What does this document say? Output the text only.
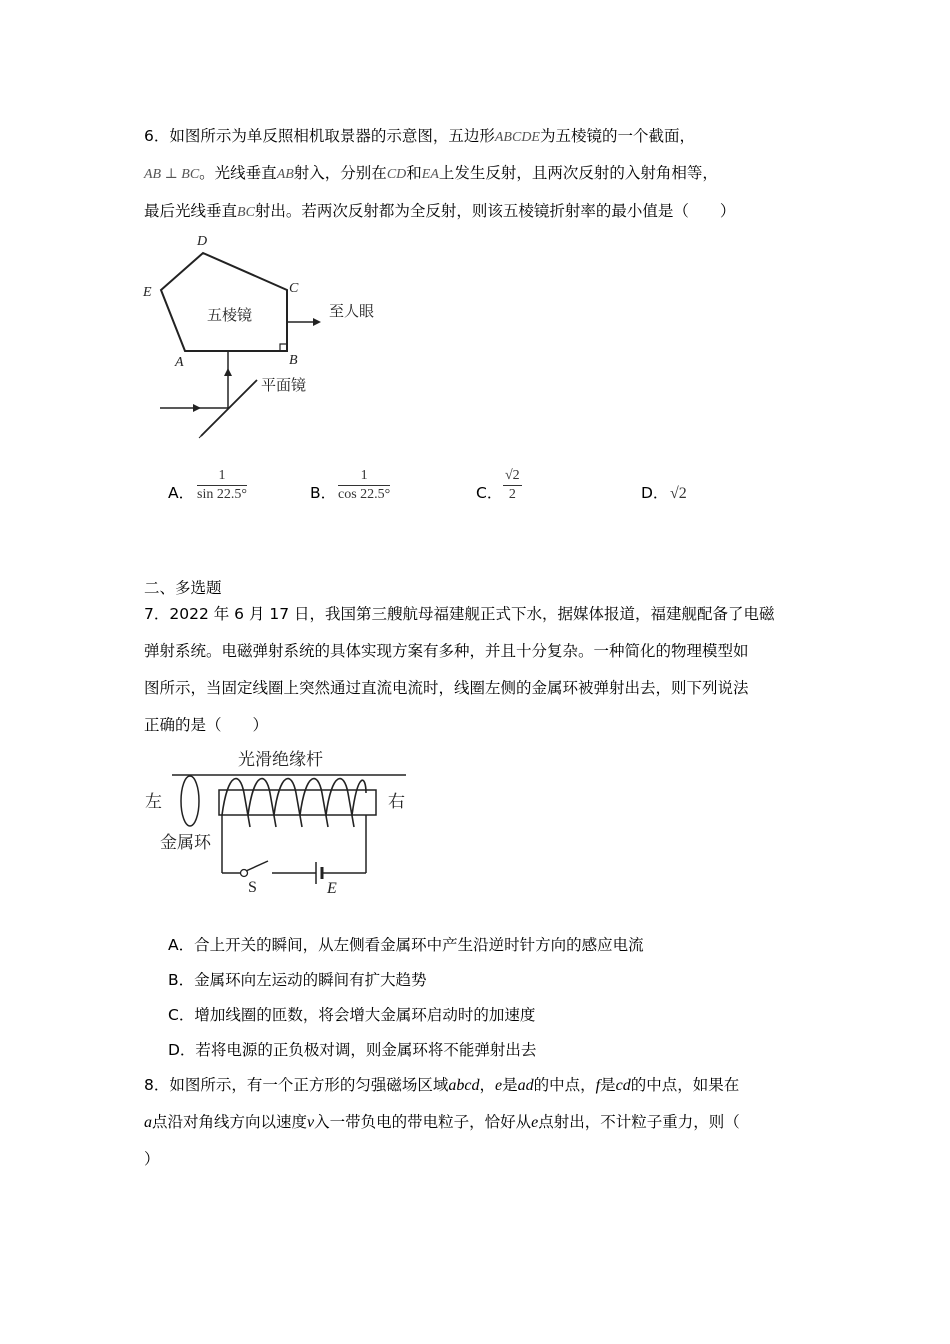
6．如图所示为单反照相机取景器的示意图，五边形ABCDE为五棱镜的一个截面，
AB ⊥ BC。光线垂直AB射入，分别在CD和EA上发生反射，且两次反射的入射角相等，
最后光线垂直BC射出。若两次反射都为全反射，则该五棱镜折射率的最小值是（　　）
D
E	C
A	B
五棱镜	至人眼
平面镜
A． $\frac{1}{\sin 22.5^\circ}$	B． $\frac{1}{\cos 22.5^\circ}$	C． $\frac{√2}{2}$	D． √2
二、多选题
7．2022 年 6 月 17 日，我国第三艘航母福建舰正式下水，据媒体报道，福建舰配备了电磁
弹射系统。电磁弹射系统的具体实现方案有多种，并且十分复杂。一种简化的物理模型如
图所示，当固定线圈上突然通过直流电流时，线圈左侧的金属环被弹射出去，则下列说法
正确的是（　　）
光滑绝缘杆
左	右
金属环
S	E
A．合上开关的瞬间，从左侧看金属环中产生沿逆时针方向的感应电流
B．金属环向左运动的瞬间有扩大趋势
C．增加线圈的匝数，将会增大金属环启动时的加速度
D．若将电源的正负极对调，则金属环将不能弹射出去
8．如图所示，有一个正方形的匀强磁场区域abcd，e是ad的中点，f是cd的中点，如果在
a点沿对角线方向以速度v入一带负电的带电粒子，恰好从e点射出，不计粒子重力，则（
）
